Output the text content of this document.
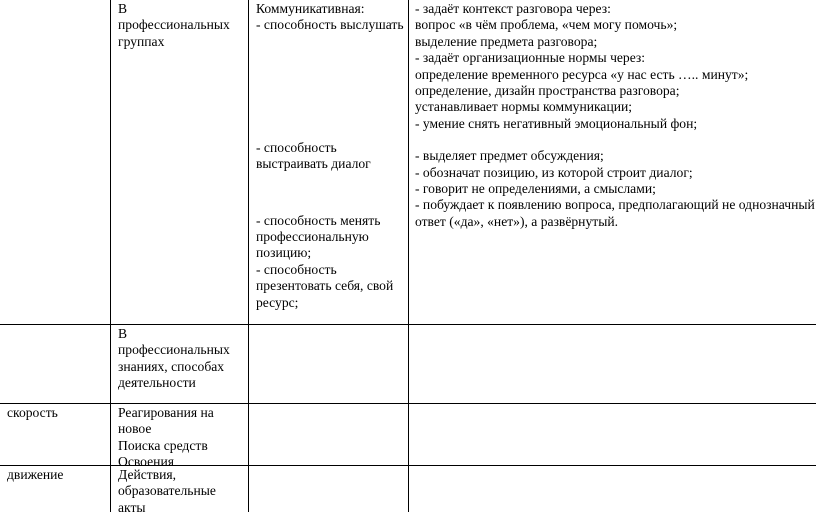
В
профессиональных
группах
Коммуникативная:
- способность выслушать
- способность
выстраивать диалог
- способность менять
профессиональную
позицию;
- способность
презентовать себя, свой
ресурс;
- задаёт контекст разговора через:
вопрос «в чём проблема, «чем могу помочь»;
выделение предмета разговора;
- задаёт организационные нормы через:
определение временного ресурса «у нас есть ….. минут»;
определение, дизайн пространства разговора;
устанавливает нормы коммуникации;
- умение снять негативный эмоциональный фон;
- выделяет предмет обсуждения;
- обозначат позицию, из которой строит диалог;
- говорит не определениями, а смыслами;
- побуждает к появлению вопроса, предполагающий не однозначный
ответ («да», «нет»), а развёрнутый.
В
профессиональных
знаниях, способах
деятельности
скорость	Реагирования на
новое
Поиска средств
Освоения
движение	Действия,
образовательные
акты
